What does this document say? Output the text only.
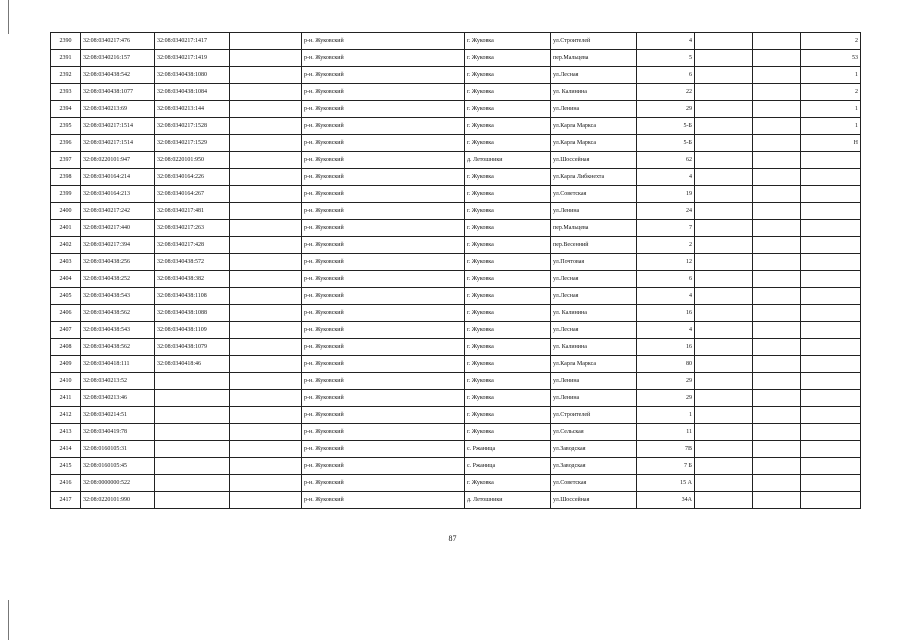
2390	32:08:0340217:476	32:08:0340217:1417		р-н. Жуковский	г. Жуковка	ул.Строителей	4			2
2391	32:08:0340216:157	32:08:0340217:1419		р-н. Жуковский	г. Жуковка	пер.Мальцева	5			53
2392	32:08:0340438:542	32:08:0340438:1080		р-н. Жуковский	г. Жуковка	ул.Лесная	6			1
2393	32:08:0340438:1077	32:08:0340438:1084		р-н. Жуковский	г. Жуковка	ул. Калинина	22			2
2394	32:08:0340213:69	32:08:0340213:144		р-н. Жуковский	г. Жуковка	ул.Ленина	29			1
2395	32:08:0340217:1514	32:08:0340217:1528		р-н. Жуковский	г. Жуковка	ул.Карла Маркса	5-Б			1
2396	32:08:0340217:1514	32:08:0340217:1529		р-н. Жуковский	г. Жуковка	ул.Карла Маркса	5-Б			Н
2397	32:08:0220101:947	32:08:0220101:950		р-н. Жуковский	д. Летошники	ул.Шоссейная	62			
2398	32:08:0340164:214	32:08:0340164:226		р-н. Жуковский	г. Жуковка	ул.Карла Либкнехта	4			
2399	32:08:0340164:213	32:08:0340164:267		р-н. Жуковский	г. Жуковка	ул.Советская	19			
2400	32:08:0340217:242	32:08:0340217:481		р-н. Жуковский	г. Жуковка	ул.Ленина	24			
2401	32:08:0340217:440	32:08:0340217:263		р-н. Жуковский	г. Жуковка	пер.Мальцева	7			
2402	32:08:0340217:394	32:08:0340217:428		р-н. Жуковский	г. Жуковка	пер.Весенний	2			
2403	32:08:0340438:256	32:08:0340438:572		р-н. Жуковский	г. Жуковка	ул.Почтовая	12			
2404	32:08:0340438:252	32:08:0340438:382		р-н. Жуковский	г. Жуковка	ул.Лесная	6			
2405	32:08:0340438:543	32:08:0340438:1108		р-н. Жуковский	г. Жуковка	ул.Лесная	4			
2406	32:08:0340438:562	32:08:0340438:1088		р-н. Жуковский	г. Жуковка	ул. Калинина	16			
2407	32:08:0340438:543	32:08:0340438:1109		р-н. Жуковский	г. Жуковка	ул.Лесная	4			
2408	32:08:0340438:562	32:08:0340438:1079		р-н. Жуковский	г. Жуковка	ул. Калинина	16			
2409	32:08:0340418:111	32:08:0340418:46		р-н. Жуковский	г. Жуковка	ул.Карла Маркса	80			
2410	32:08:0340213:52			р-н. Жуковский	г. Жуковка	ул.Ленина	29			
2411	32:08:0340213:46			р-н. Жуковский	г. Жуковка	ул.Ленина	29			
2412	32:08:0340214:51			р-н. Жуковский	г. Жуковка	ул.Строителей	1			
2413	32:08:0340419:78			р-н. Жуковский	г. Жуковка	ул.Сельская	11			
2414	32:08:0160105:31			р-н. Жуковский	с. Ржаница	ул.Заводская	7В			
2415	32:08:0160105:45			р-н. Жуковский	с. Ржаница	ул.Заводская	7 Б			
2416	32:08:0000000:522			р-н. Жуковский	г. Жуковка	ул.Советская	15 А			
2417	32:08:0220101:990			р-н. Жуковский	д. Летошники	ул.Шоссейная	34А			
87
